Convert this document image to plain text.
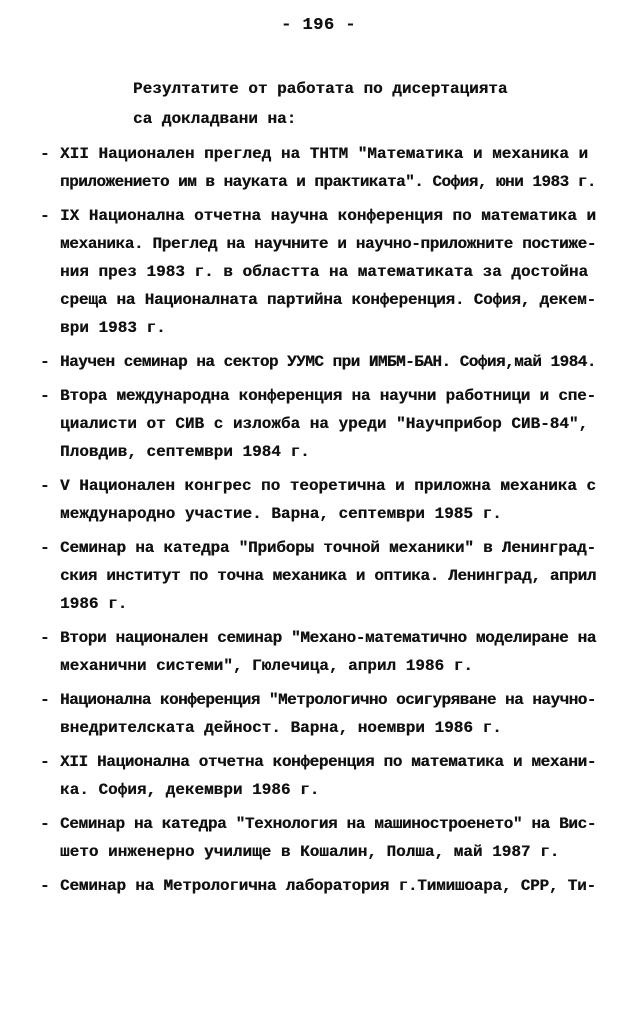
- 196 -
Резултатите от работата по дисертацията
са докладвани на:
- XII Национален преглед на ТНТМ "Математика и механика и
приложението им в науката и практиката". София, юни 1983 г.
- IX Национална отчетна научна конференция по математика и
механика. Преглед на научните и научно-приложните постиже-
ния през 1983 г. в областта на математиката за достойна
среща на Националната партийна конференция. София, декем-
ври 1983 г.
- Научен семинар на сектор УУМС при ИМБМ-БАН. София,май 1984.
- Втора международна конференция на научни работници и спе-
циалисти от СИВ с изложба на уреди "Научприбор СИВ-84",
Пловдив, септември 1984 г.
- V Национален конгрес по теоретична и приложна механика с
международно участие. Варна, септември 1985 г.
- Семинар на катедра "Приборы точной механики" в Ленинград-
ския институт по точна механика и оптика. Ленинград, април
1986 г.
- Втори национален семинар "Механо-математично моделиране на
механични системи", Гюлечица, април 1986 г.
- Национална конференция "Метрологично осигуряване на научно-
внедрителската дейност. Варна, ноември 1986 г.
- XII Национална отчетна конференция по математика и механи-
ка. София, декември 1986 г.
- Семинар на катедра "Технология на машиностроенето" на Вис-
шето инженерно училище в Кошалин, Полша, май 1987 г.
- Семинар на Метрологична лаборатория г.Тимишоара, СРР, Ти-
